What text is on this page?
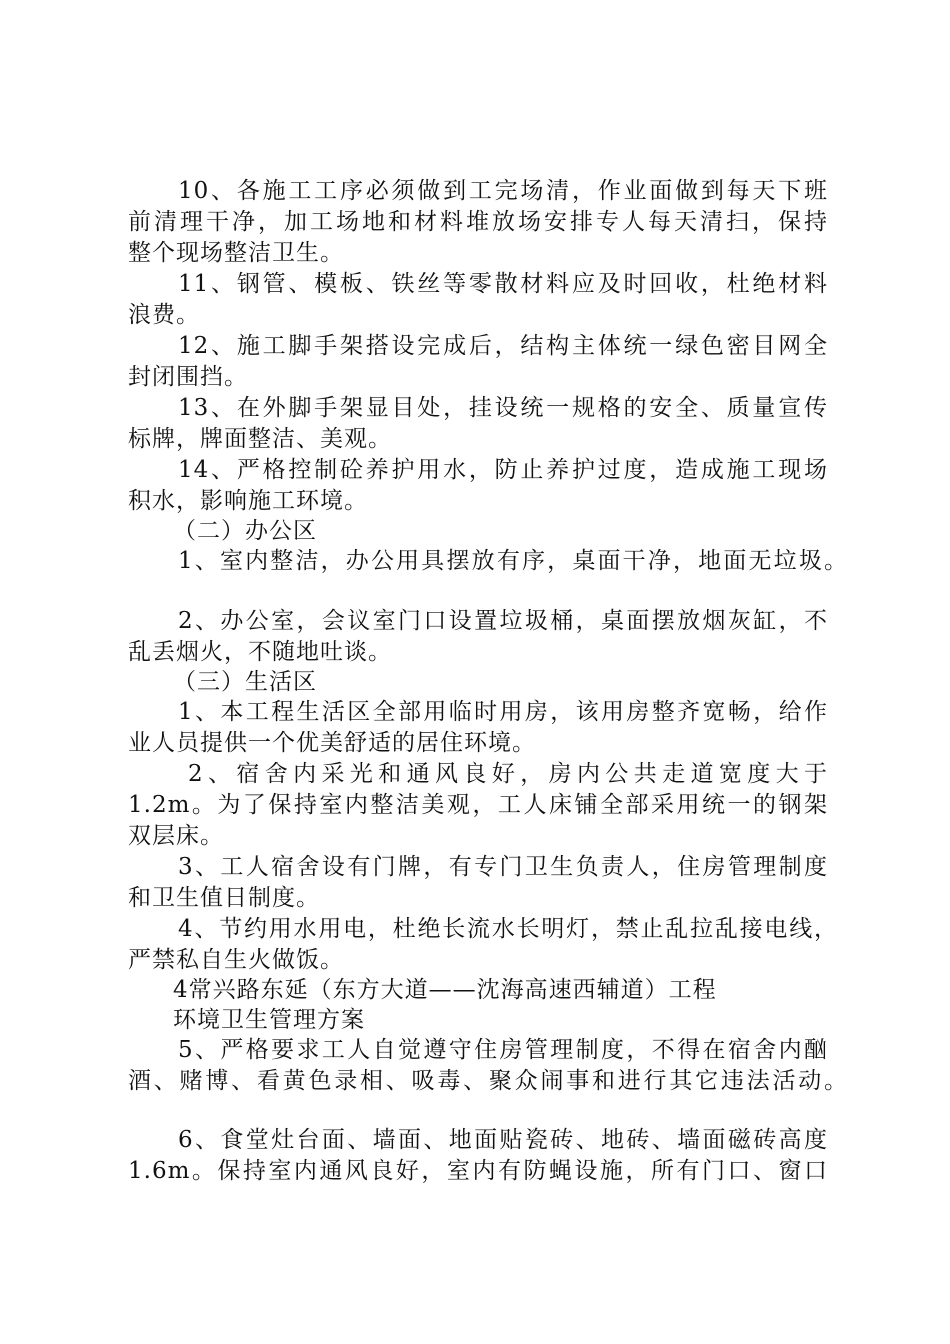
10、各施工工序必须做到工完场清，作业面做到每天下班
前清理干净，加工场地和材料堆放场安排专人每天清扫，保持
整个现场整洁卫生。
11、钢管、模板、铁丝等零散材料应及时回收，杜绝材料
浪费。
12、施工脚手架搭设完成后，结构主体统一绿色密目网全
封闭围挡。
13、在外脚手架显目处，挂设统一规格的安全、质量宣传
标牌，牌面整洁、美观。
14、严格控制砼养护用水，防止养护过度，造成施工现场
积水，影响施工环境。
（二）办公区
1、室内整洁，办公用具摆放有序，桌面干净，地面无垃圾。
2、办公室，会议室门口设置垃圾桶，桌面摆放烟灰缸，不
乱丢烟火，不随地吐谈。
（三）生活区
1、本工程生活区全部用临时用房，该用房整齐宽畅，给作
业人员提供一个优美舒适的居住环境。
2、宿舍内采光和通风良好，房内公共走道宽度大于
1.2m。为了保持室内整洁美观，工人床铺全部采用统一的钢架
双层床。
3、工人宿舍设有门牌，有专门卫生负责人，住房管理制度
和卫生值日制度。
4、节约用水用电，杜绝长流水长明灯，禁止乱拉乱接电线，
严禁私自生火做饭。
4常兴路东延（东方大道——沈海高速西辅道）工程
环境卫生管理方案
5、严格要求工人自觉遵守住房管理制度，不得在宿舍内酗
酒、赌博、看黄色录相、吸毒、聚众闹事和进行其它违法活动。
6、食堂灶台面、墙面、地面贴瓷砖、地砖、墙面磁砖高度
1.6m。保持室内通风良好，室内有防蝇设施，所有门口、窗口
